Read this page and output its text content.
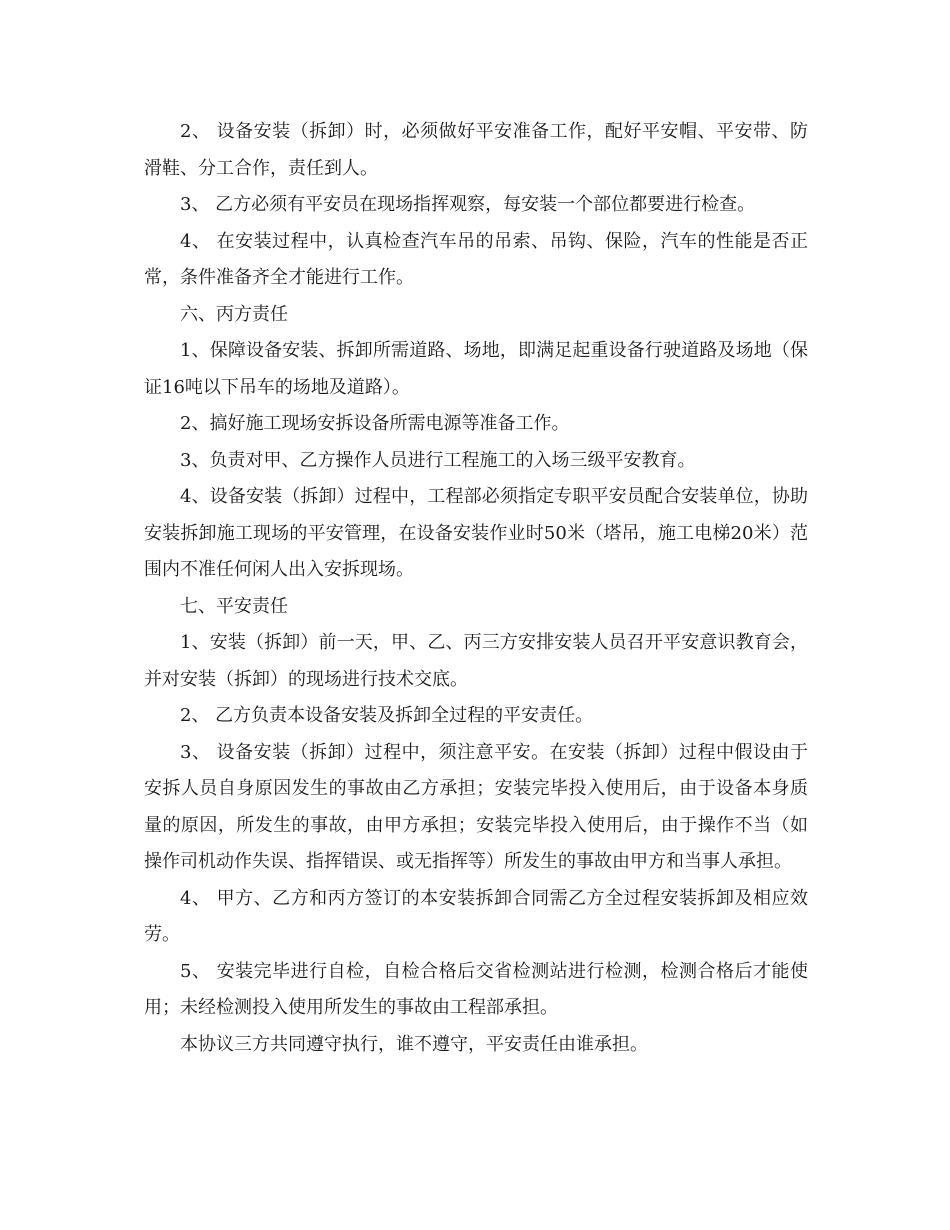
2、 设备安装（拆卸）时，必须做好平安准备工作，配好平安帽、平安带、防滑鞋、分工合作，责任到人。

3、 乙方必须有平安员在现场指挥观察，每安装一个部位都要进行检查。

4、 在安装过程中，认真检查汽车吊的吊索、吊钩、保险，汽车的性能是否正常，条件准备齐全才能进行工作。

六、丙方责任

1、保障设备安装、拆卸所需道路、场地，即满足起重设备行驶道路及场地（保证16吨以下吊车的场地及道路）。

2、搞好施工现场安拆设备所需电源等准备工作。

3、负责对甲、乙方操作人员进行工程施工的入场三级平安教育。

4、设备安装（拆卸）过程中，工程部必须指定专职平安员配合安装单位，协助安装拆卸施工现场的平安管理，在设备安装作业时50米（塔吊，施工电梯20米）范围内不准任何闲人出入安拆现场。

七、平安责任

1、安装（拆卸）前一天，甲、乙、丙三方安排安装人员召开平安意识教育会，并对安装（拆卸）的现场进行技术交底。

2、 乙方负责本设备安装及拆卸全过程的平安责任。

3、 设备安装（拆卸）过程中，须注意平安。在安装（拆卸）过程中假设由于安拆人员自身原因发生的事故由乙方承担；安装完毕投入使用后，由于设备本身质量的原因，所发生的事故，由甲方承担；安装完毕投入使用后，由于操作不当（如操作司机动作失误、指挥错误、或无指挥等）所发生的事故由甲方和当事人承担。

4、 甲方、乙方和丙方签订的本安装拆卸合同需乙方全过程安装拆卸及相应效劳。

5、 安装完毕进行自检，自检合格后交省检测站进行检测，检测合格后才能使用；未经检测投入使用所发生的事故由工程部承担。

本协议三方共同遵守执行，谁不遵守，平安责任由谁承担。
